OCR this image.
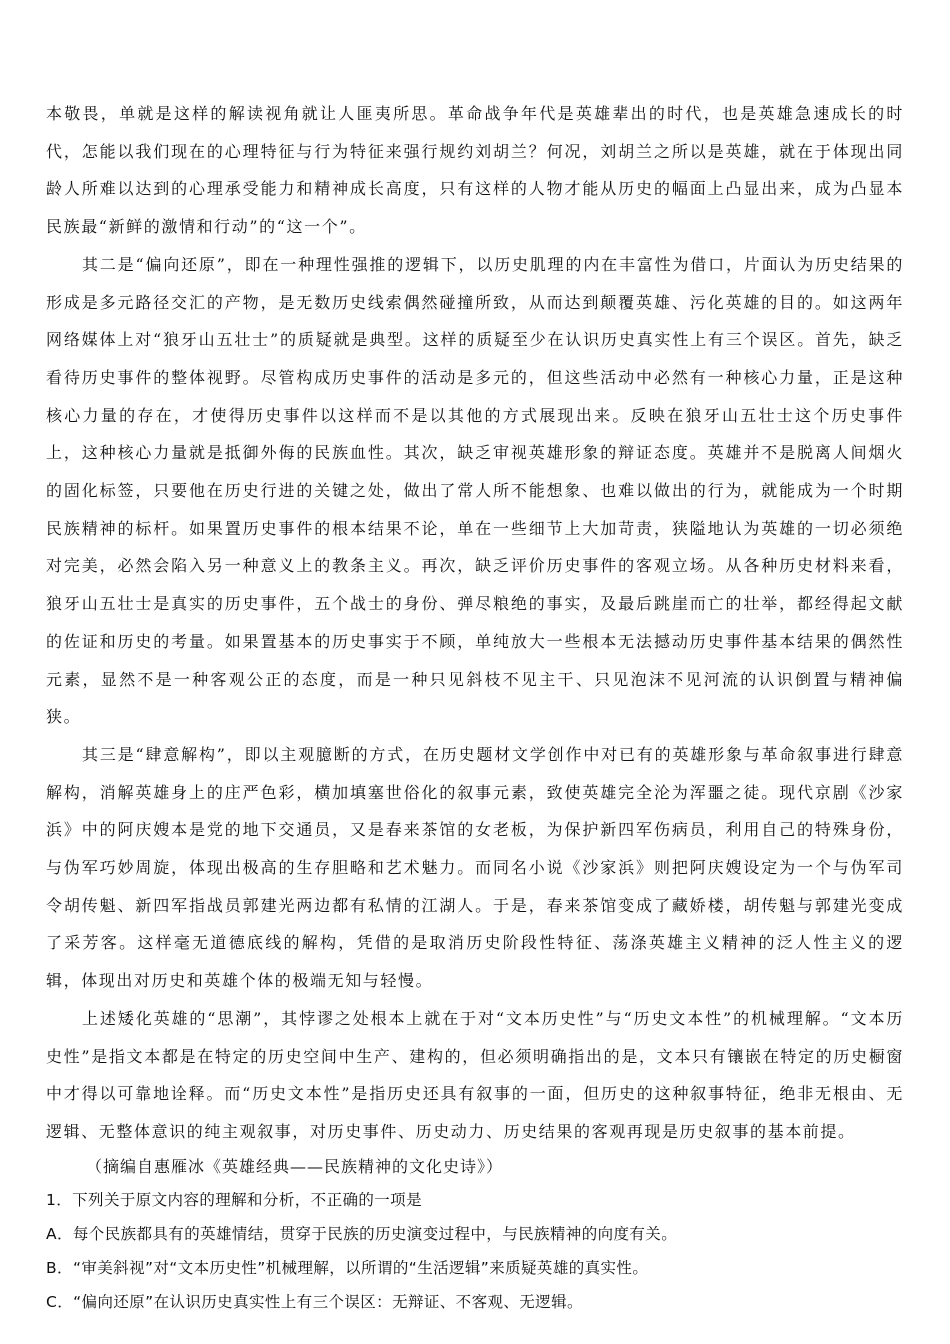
本敬畏，单就是这样的解读视角就让人匪夷所思。革命战争年代是英雄辈出的时代，也是英雄急速成长的时代，怎能以我们现在的心理特征与行为特征来强行规约刘胡兰？何况，刘胡兰之所以是英雄，就在于体现出同龄人所难以达到的心理承受能力和精神成长高度，只有这样的人物才能从历史的幅面上凸显出来，成为凸显本民族最“新鲜的激情和行动”的“这一个”。

其二是“偏向还原”，即在一种理性强推的逻辑下，以历史肌理的内在丰富性为借口，片面认为历史结果的形成是多元路径交汇的产物，是无数历史线索偶然碰撞所致，从而达到颠覆英雄、污化英雄的目的。如这两年网络媒体上对“狼牙山五壮士”的质疑就是典型。这样的质疑至少在认识历史真实性上有三个误区。首先，缺乏看待历史事件的整体视野。尽管构成历史事件的活动是多元的，但这些活动中必然有一种核心力量，正是这种核心力量的存在，才使得历史事件以这样而不是以其他的方式展现出来。反映在狼牙山五壮士这个历史事件上，这种核心力量就是抵御外侮的民族血性。其次，缺乏审视英雄形象的辩证态度。英雄并不是脱离人间烟火的固化标签，只要他在历史行进的关键之处，做出了常人所不能想象、也难以做出的行为，就能成为一个时期民族精神的标杆。如果置历史事件的根本结果不论，单在一些细节上大加苛责，狭隘地认为英雄的一切必须绝对完美，必然会陷入另一种意义上的教条主义。再次，缺乏评价历史事件的客观立场。从各种历史材料来看，狼牙山五壮士是真实的历史事件，五个战士的身份、弹尽粮绝的事实，及最后跳崖而亡的壮举，都经得起文献的佐证和历史的考量。如果置基本的历史事实于不顾，单纯放大一些根本无法撼动历史事件基本结果的偶然性元素，显然不是一种客观公正的态度，而是一种只见斜枝不见主干、只见泡沫不见河流的认识倒置与精神偏狭。

其三是“肆意解构”，即以主观臆断的方式，在历史题材文学创作中对已有的英雄形象与革命叙事进行肆意解构，消解英雄身上的庄严色彩，横加填塞世俗化的叙事元素，致使英雄完全沦为浑噩之徒。现代京剧《沙家浜》中的阿庆嫂本是党的地下交通员，又是春来茶馆的女老板，为保护新四军伤病员，利用自己的特殊身份，与伪军巧妙周旋，体现出极高的生存胆略和艺术魅力。而同名小说《沙家浜》则把阿庆嫂设定为一个与伪军司令胡传魁、新四军指战员郭建光两边都有私情的江湖人。于是，春来茶馆变成了藏娇楼，胡传魁与郭建光变成了采芳客。这样毫无道德底线的解构，凭借的是取消历史阶段性特征、荡涤英雄主义精神的泛人性主义的逻辑，体现出对历史和英雄个体的极端无知与轻慢。

上述矮化英雄的“思潮”，其悖谬之处根本上就在于对“文本历史性”与“历史文本性”的机械理解。“文本历史性”是指文本都是在特定的历史空间中生产、建构的，但必须明确指出的是，文本只有镶嵌在特定的历史橱窗中才得以可靠地诠释。而“历史文本性”是指历史还具有叙事的一面，但历史的这种叙事特征，绝非无根由、无逻辑、无整体意识的纯主观叙事，对历史事件、历史动力、历史结果的客观再现是历史叙事的基本前提。

（摘编自惠雁冰《英雄经典——民族精神的文化史诗》）

1．下列关于原文内容的理解和分析，不正确的一项是

A． 每个民族都具有的英雄情结，贯穿于民族的历史演变过程中，与民族精神的向度有关。

B． “审美斜视”对“文本历史性”机械理解，以所谓的“生活逻辑”来质疑英雄的真实性。

C． “偏向还原”在认识历史真实性上有三个误区：无辩证、不客观、无逻辑。
